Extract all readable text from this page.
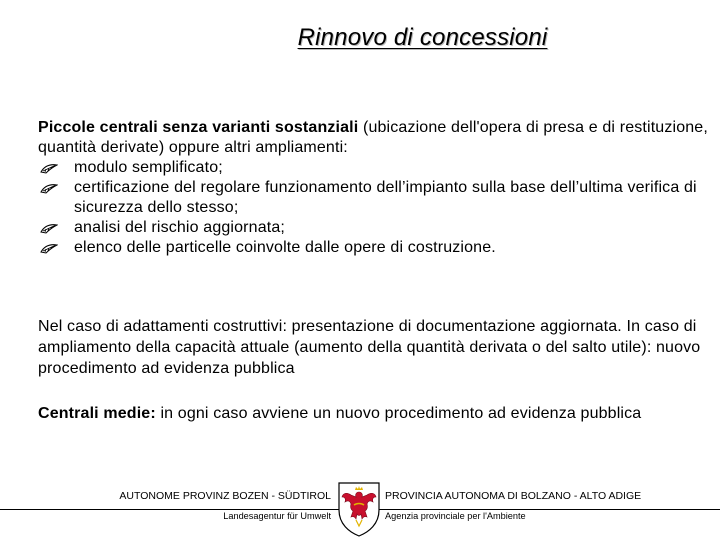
Rinnovo di concessioni
Piccole centrali senza varianti sostanziali (ubicazione dell'opera di presa e di restituzione, quantità derivate) oppure altri ampliamenti:
modulo semplificato;
certificazione del regolare funzionamento dell’impianto sulla base dell’ultima verifica di sicurezza dello stesso;
analisi del rischio aggiornata;
elenco delle particelle coinvolte dalle opere di costruzione.
Nel caso di adattamenti costruttivi: presentazione di documentazione aggiornata. In caso di ampliamento della capacità attuale (aumento della quantità derivata o del salto utile): nuovo procedimento ad evidenza pubblica
Centrali medie: in ogni caso avviene un nuovo procedimento ad evidenza pubblica
AUTONOME PROVINZ BOZEN - SÜDTIROL
Landesagentur für Umwelt
PROVINCIA AUTONOMA DI BOLZANO - ALTO ADIGE
Agenzia provinciale per l'Ambiente
